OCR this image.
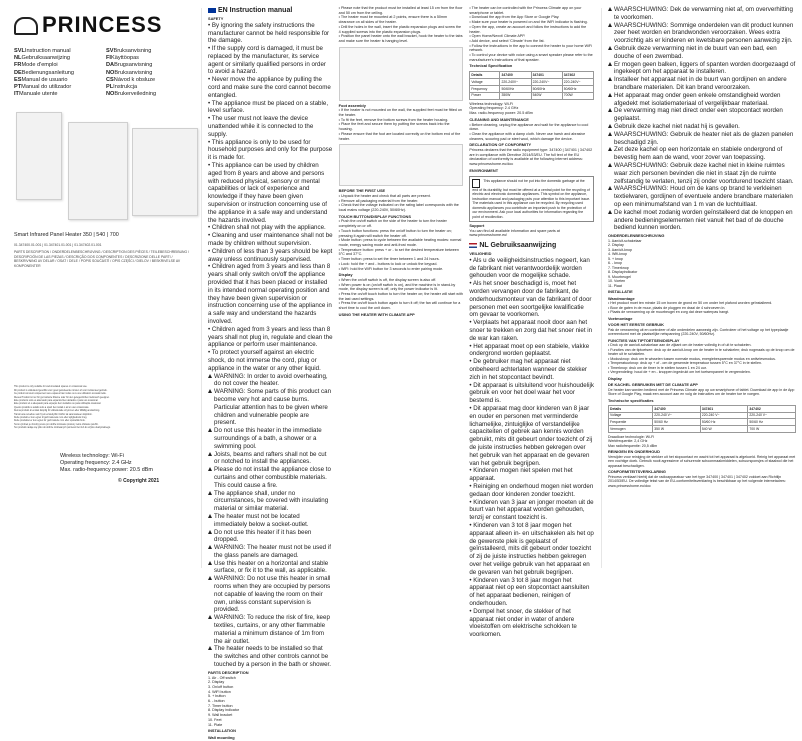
PRINCESS
SVLInstruction manual
NLGebruiksaanwijzing
FRMode d'emploi
DEBedienungsanleitung
ESManual de usuario
PTManual do utilizador
ITManuale utente
SVBruksanvisning
FIKäyttöopas
DABrugsanvisning
NOBruksanvisning
CSNávod k obsluze
PLInstrukcja
NOBrukerveiledning
Smart Infrared Panel Heater 350 | 540 | 700
01.347400.01.001 | 01.347401.01.001 | 01.347402.01.001
PARTS DESCRIPTION / ONDERDELENBESCHRIJVING / DESCRIPTION DES PIÈCES / TEILEBESCHREIBUNG / DESCRIPCIÓN DE LAS PIEZAS / DESCRIÇÃO DOS COMPONENTES / DESCRIZIONE DELLE PARTI / BESKRIVNING AV DELAR / OSAT / DELE / POPIS SOUČÁSTÍ / OPIS CZĘŚCI / DIELOV / BESKRIVELSE AV KOMPONENTER
This product is only suitable for well-insulated spaces or occasional use.
Dit product is uitsluitend geschikt voor goed geïsoleerde ruimten of voor incidenteel gebruik.
Ce produit convient uniquement aux espaces bien isolés ou à une utilisation occasionnelle.
Dieses Produkt ist nur für gut isolierte Räume oder für den gelegentlichen Gebrauch geeignet.
Este producto solo es adecuado para espacios bien aislados o para uso ocasional.
Este produto só é adequado para espaços bem isolados ou para utilização ocasional.
Questo prodotto è adatto solo a spazi ben isolati o ad un uso occasionale.
Denna produkt är endast lämplig för välisolerade utrymmen eller tillfällig användning.
Tämä tuote soveltuu vain hyvin eristettyihin tiloihin tai satunnaiseen käyttöön.
Dette produkt er kun egnet til godt isolerede rum eller lejlighedsvis brug.
Dette produktet er kun egnet for godt isolerte rom eller sporadisk bruk.
Tento výrobek je vhodný pouze pro dobře izolované prostory nebo občasné použití.
Ten produkt nadaje się tylko do dobrze izolowanych pomieszczeń lub do użytku okazjonalnego.
Wireless technology: Wi-Fi
Operating frequency: 2.4 GHz
Max. radio-frequency power: 20.5 dBm
© Copyright 2021
EN Instruction manual
SAFETY
• By ignoring the safety instructions the manufacturer cannot be held responsible for the damage.
• If the supply cord is damaged, it must be replaced by the manufacturer, its service agent or similarly qualified persons in order to avoid a hazard.
• Never move the appliance by pulling the cord and make sure the cord cannot become entangled.
• The appliance must be placed on a stable, level surface.
• The user must not leave the device unattended while it is connected to the supply.
• This appliance is only to be used for household purposes and only for the purpose it is made for.
• This appliance can be used by children aged from 8 years and above and persons with reduced physical, sensory or mental capabilities or lack of experience and knowledge if they have been given supervision or instruction concerning use of the appliance in a safe way and understand the hazards involved.
• Children shall not play with the appliance.
• Cleaning and user maintenance shall not be made by children without supervision.
• Children of less than 3 years should be kept away unless continuously supervised.
• Children aged from 3 years and less than 8 years shall only switch on/off the appliance provided that it has been placed or installed in its intended normal operating position and they have been given supervision or instruction concerning use of the appliance in a safe way and understand the hazards involved.
• Children aged from 3 years and less than 8 years shall not plug in, regulate and clean the appliance or perform user maintenance.
• To protect yourself against an electric shock, do not immerse the cord, plug or appliance in the water or any other liquid.
WARNING: In order to avoid overheating, do not cover the heater.
WARNING: Some parts of this product can become very hot and cause burns. Particular attention has to be given where children and vulnerable people are present.
Do not use this heater in the immediate surroundings of a bath, a shower or a swimming pool.
Joists, beams and rafters shall not be cut or notched to install the appliances.
Please do not install the appliance close to curtains and other combustible materials. This could cause a fire.
The appliance shall, under no circumstances, be covered with insulating material or similar material.
The heater must not be located immediately below a socket-outlet.
Do not use this heater if it has been dropped.
WARNING: The heater must not be used if the glass panels are damaged.
Use this heater on a horizontal and stable surface, or fix it to the wall, as applicable.
WARNING: Do not use this heater in small rooms when they are occupied by persons not capable of leaving the room on their own, unless constant supervision is provided.
WARNING: To reduce the risk of fire, keep textiles, curtains, or any other flammable material a minimum distance of 1m from the air outlet.
The heater needs to be installed so that the switches and other controls cannot be touched by a person in the bath or shower.
PARTS DESCRIPTION
1. Air - Off switch
2. Display
3. On/off button
4. WiFi button
5. + button
6. - button
7. Timer button
8. Display indicator
9. Wall bracket
10. Feet
11. Plate
INSTALLATION
Wall mounting
• Please note that the product must be installed at least 15 cm from the floor and 50 cm from the ceiling.
• The heater must be mounted at 2 points, ensure there is a 50mm clearance on all sides of the heater.
• Drill the holes in the wall, insert the plastic expansion plugs and screw the 4 supplied screws into the plastic expansion plugs.
• Position the panel heater onto the wall bracket, hook the heater to the tabs and make sure the heater is hanging level.
Foot assembly
• If the heater is not mounted on the wall, the supplied feet must be fitted on the heater.
• To fit the feet, remove the bottom screws from the heater housing.
• Place the feet and secure them by putting the screws back into the housing.
• Please ensure that the foot are located correctly on the bottom end of the heater.
BEFORE THE FIRST USE
• Unpack the heater and check that all parts are present.
• Remove all packaging material from the heater.
• Check that the voltage indicated on the rating label corresponds with the local mains voltage (220-240V, 50/60Hz).
TOUCH BUTTON/DISPLAY FUNCTIONS
• Push the on/off switch on the side of the heater to turn the heater completely on or off.
• Touch button functions: press the on/off button to turn the heater on; pressing it again will switch the heater off.
• Mode button: press to cycle between the available heating modes: normal mode, energy saving mode and anti-frost mode.
• Temperature button: press + or - to set the desired temperature between 5°C and 37°C.
• Timer button: press to set the timer between 1 and 24 hours.
• Lock: hold the + and - buttons to lock or unlock the keypad.
• WiFi: hold the WiFi button for 3 seconds to enter pairing mode.
Display
• When the on/off switch is off, the display screen is also off.
• When power is on (on/off switch is on), and the machine is in stand-by mode, the display screen is off, only the power indicator is lit.
• Press the on/off touch button to turn the heater on; the heater will start with the last used settings.
• Press the on/off touch button again to turn it off; the fan will continue for a short time to cool the unit down.
USING THE HEATER WITH CLIMATE APP
• The heater can be controlled with the Princess Climate app on your smartphone or tablet.
• Download the app from the App Store or Google Play.
• Make sure your heater is powered on and the WiFi indicator is flashing.
• Open the app, create an account and follow the instructions to add the heater.
• Open Home/Nexxt/ Climate APP.
• Add device, and select 'Climate' from the list.
• Follow the instructions in the app to connect the heater to your home WiFi network.
• To control your device with voice using a smart speaker please refer to the manufacturer's instructions of that speaker.
Technical Specification
Details	347400	347401	347402
Voltage	220-240V~	220-240V~	220-240V~
Frequency	50/60Hz	50/60Hz	50/60Hz
Power	350W	540W	700W
Wireless technology: Wi-Fi
Operating frequency: 2.4 GHz
Max. radio-frequency power: 20.5 dBm
CLEANING AND MAINTENANCE
• Before cleaning, unplug the appliance and wait for the appliance to cool down.
• Clean the appliance with a damp cloth. Never use harsh and abrasive cleaners, scouring pad or steel wool, which damage the device.
DECLARATION OF CONFORMITY

Princess declares that the radio equipment type: 347400 | 347401 | 347402 are in compliance with Directive 2014/53/EU. The full text of the EU declaration of conformity is available at the following internet address: www.princesshome.eu/doc

ENVIRONMENT
This appliance should not be put into the domestic garbage at the end of its durability, but must be offered at a central point for the recycling of electric and electronic domestic appliances. This symbol on the appliance, instruction manual and packaging puts your attention to this important issue. The materials used in this appliance can be recycled. By recycling used domestic appliances you contribute an important push to the protection of our environment. Ask your local authorities for information regarding the point of recollection.
Support

You can find all available information and spare parts at www.princesshome.eu!

NL Gebruiksaanwijzing
VEILIGHEID
• Als u de veiligheidsinstructies negeert, kan de fabrikant niet verantwoordelijk worden gehouden voor de mogelijke schade.
• Als het snoer beschadigd is, moet het worden vervangen door de fabrikant, de onderhoudsmonteur van de fabrikant of door personen met een soortgelijke kwalificatie om gevaar te voorkomen.
• Verplaats het apparaat nooit door aan het snoer te trekken en zorg dat het snoer niet in de war kan raken.
• Het apparaat moet op een stabiele, vlakke ondergrond worden geplaatst.
• De gebruiker mag het apparaat niet onbeheerd achterlaten wanneer de stekker zich in het stopcontact bevindt.
• Dit apparaat is uitsluitend voor huishoudelijk gebruik en voor het doel waar het voor bestemd is.
• Dit apparaat mag door kinderen van 8 jaar en ouder en personen met verminderde lichamelijke, zintuiglijke of verstandelijke capaciteiten of gebrek aan kennis worden gebruikt, mits dit gebeurt onder toezicht of zij de juiste instructies hebben gekregen over het gebruik van het apparaat en de gevaren van het gebruik begrijpen.
• Kinderen mogen niet spelen met het apparaat.
• Reiniging en onderhoud mogen niet worden gedaan door kinderen zonder toezicht.
• Kinderen van 3 jaar en jonger moeten uit de buurt van het apparaat worden gehouden, tenzij er constant toezicht is.
• Kinderen van 3 tot 8 jaar mogen het apparaat alleen in- en uitschakelen als het op de gewenste plek is geplaatst of geïnstalleerd, mits dit gebeurt onder toezicht of zij de juiste instructies hebben gekregen over het veilige gebruik van het apparaat en de gevaren van het gebruik begrijpen.
• Kinderen van 3 tot 8 jaar mogen het apparaat niet op een stopcontact aansluiten of het apparaat bedienen, reinigen of onderhouden.
• Dompel het snoer, de stekker of het apparaat niet onder in water of andere vloeistoffen om elektrische schokken te voorkomen.
WAARSCHUWING: Dek de verwarming niet af, om oververhitting te voorkomen.
WAARSCHUWING: Sommige onderdelen van dit product kunnen zeer heet worden en brandwonden veroorzaken. Wees extra voorzichtig als er kinderen en kwetsbare personen aanwezig zijn.
Gebruik deze verwarming niet in de buurt van een bad, een douche of een zwembad.
Er mogen geen balken, liggers of spanten worden doorgezaagd of ingekeept om het apparaat te installeren.
Installeer het apparaat niet in de buurt van gordijnen en andere brandbare materialen. Dit kan brand veroorzaken.
Het apparaat mag onder geen enkele omstandigheid worden afgedekt met isolatiemateriaal of vergelijkbaar materiaal.
De verwarming mag niet direct onder een stopcontact worden geplaatst.
Gebruik deze kachel niet nadat hij is gevallen.
WAARSCHUWING: Gebruik de heater niet als de glazen panelen beschadigd zijn.
Zet deze kachel op een horizontale en stabiele ondergrond of bevestig hem aan de wand, voor zover van toepassing.
WAARSCHUWING: Gebruik deze kachel niet in kleine ruimtes waar zich personen bevinden die niet in staat zijn de ruimte zelfstandig te verlaten, tenzij zij onder voortdurend toezicht staan.
WAARSCHUWING: Houd om de kans op brand te verkleinen textielwaren, gordijnen of eventuele andere brandbare materialen op een minimumafstand van 1 m van de luchtuitlaat.
De kachel moet zodanig worden geïnstalleerd dat de knoppen en andere bedieningselementen niet vanuit het bad of de douche bediend kunnen worden.
ONDERDELENBESCHRIJVING
1. Aan/uit-schakelaar
2. Display
3. Aan/uit-knop
4. Wifi-knop
5. + knop
6. - knop
7. Timerknop
8. Displayindicator
9. Muurbeugel
10. Voeten
11. Plaat
INSTALLATIE
Wandmontage
• Het product moet ten minste 15 cm boven de grond en 50 cm onder het plafond worden geïnstalleerd.
• Boor de gaten in de muur, plaats de pluggen en draai de 4 schroeven in.
• Plaats de verwarming op de muurbeugel en zorg dat deze waterpas hangt.
Voetmontage
VOOR HET EERSTE GEBRUIK

Pak de verwarming uit en controleer of alle onderdelen aanwezig zijn. Controleer of het voltage op het typeplaatje overeenkomt met de plaatselijke netspanning (220-240V, 50/60Hz).

FUNCTIES VAN TIPTOETSEN/DISPLAY
• Druk op de aan/uit-schakelaar aan de zijkant om de heater volledig in of uit te schakelen.
• Functies van de tiptoetsen: druk op de aan/uit-knop om de heater in te schakelen; druk nogmaals op de knop om de heater uit te schakelen.
• Modusknop: druk om te wisselen tussen normale modus, energiebesparende modus en antivriesmodus.
• Temperatuurknop: druk op + of - om de gewenste temperatuur tussen 5°C en 37°C in te stellen.
• Timerknop: druk om de timer in te stellen tussen 1 en 24 uur.
• Vergrendeling: houd de + en - knoppen ingedrukt om het toetsenpaneel te vergrendelen.
Display
DE KACHEL GEBRUIKEN MET DE CLIMATE APP

De heater kan worden bediend met de Princess Climate app op uw smartphone of tablet. Download de app in de App Store of Google Play, maak een account aan en volg de instructies om de heater toe te voegen.

Technische specificaties
Details	347400	347401	347402
Voltage	220-240 V~	220-240 V~	220-240 V~
Frequentie	50/60 Hz	50/60 Hz	50/60 Hz
Vermogen	350 W	540 W	700 W
Draadloze technologie: Wi-Fi
Werkfrequentie: 2,4 GHz
Max radiofrequentie: 20,5 dBm
REINIGEN EN ONDERHOUD

Verwijder voor reiniging de stekker uit het stopcontact en wacht tot het apparaat is afgekoeld. Reinig het apparaat met een vochtige doek. Gebruik nooit agressieve of schurende schoonmaakmiddelen, schuursponsjes of staalwol die het apparaat beschadigen.

CONFORMITEITSVERKLARING

Princess verklaart hierbij dat de radioapparatuur van het type 347400 | 347401 | 347402 voldoet aan Richtlijn 2014/53/EU. De volledige tekst van de EU-conformiteitsverklaring is beschikbaar op het volgende internetadres: www.princesshome.eu/doc
